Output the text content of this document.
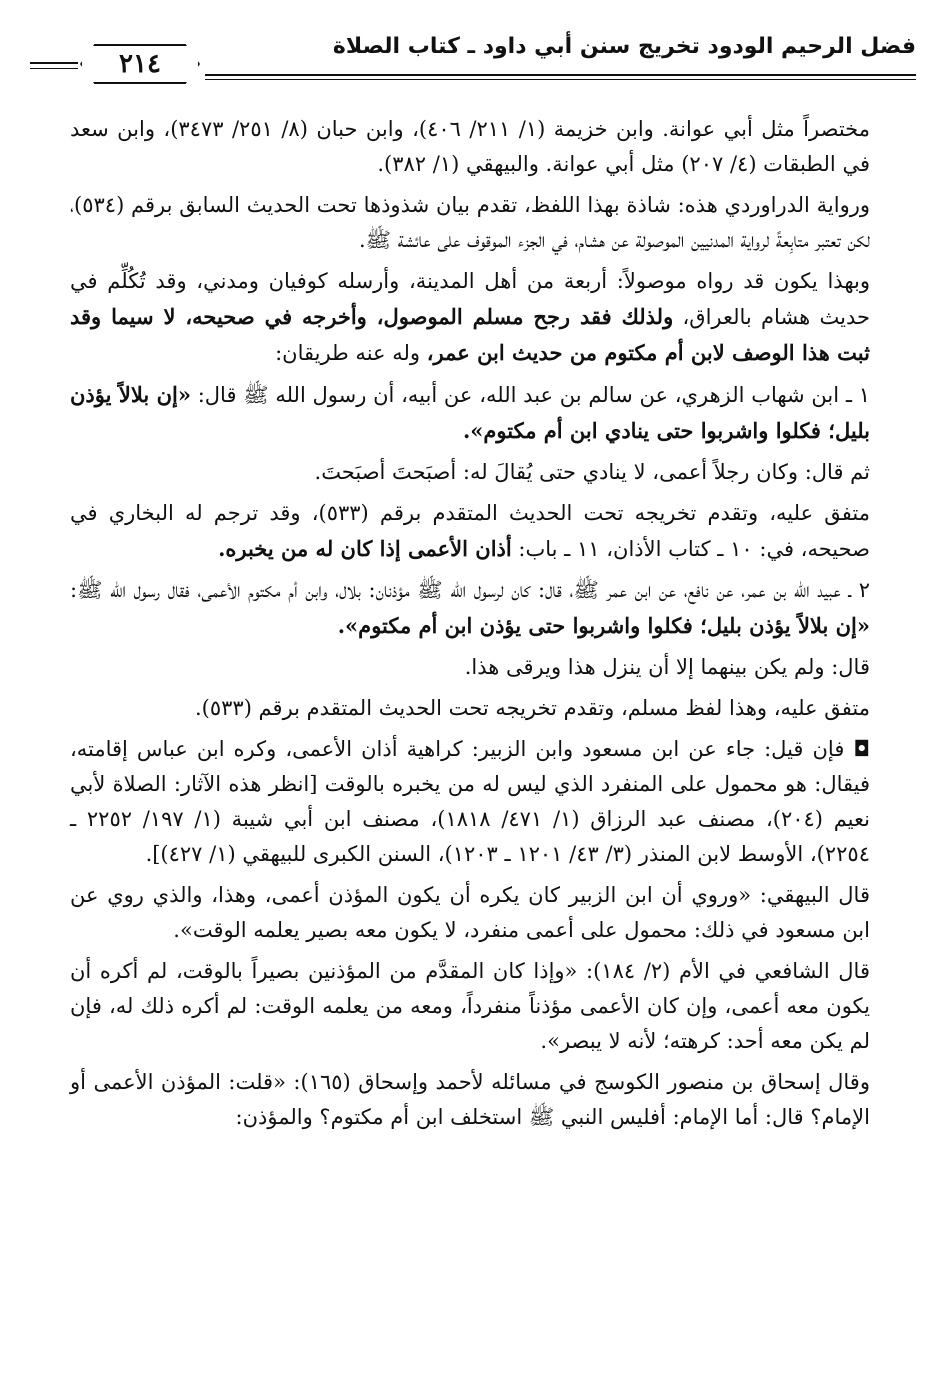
فضل الرحيم الودود تخريج سنن أبي داود ـ كتاب الصلاة
٢١٤

مختصراً مثل أبي عوانة. وابن خزيمة (١/ ٢١١/ ٤٠٦)، وابن حبان (٨/ ٢٥١/ ٣٤٧٣)، وابن سعد في الطبقات (٤/ ٢٠٧) مثل أبي عوانة. والبيهقي (١/ ٣٨٢).

ورواية الدراوردي هذه: شاذة بهذا اللفظ، تقدم بيان شذوذها تحت الحديث السابق برقم (٥٣٤)، لكن تعتبر متابِعةً لرواية المدنيين الموصولة عن هشام، في الجزء الموقوف على عائشة ﷺ.

وبهذا يكون قد رواه موصولاً: أربعة من أهل المدينة، وأرسله كوفيان ومدني، وقد تُكُلِّم في حديث هشام بالعراق، ولذلك فقد رجح مسلم الموصول، وأخرجه في صحيحه، لا سيما وقد ثبت هذا الوصف لابن أم مكتوم من حديث ابن عمر، وله عنه طريقان:

١ ـ ابن شهاب الزهري، عن سالم بن عبد الله، عن أبيه، أن رسول الله ﷺ قال: «إن بلالاً يؤذن بليل؛ فكلوا واشربوا حتى ينادي ابن أم مكتوم».

ثم قال: وكان رجلاً أعمى، لا ينادي حتى يُقالَ له: أصبَحتَ أصبَحتَ.

متفق عليه، وتقدم تخريجه تحت الحديث المتقدم برقم (٥٣٣)، وقد ترجم له البخاري في صحيحه، في: ١٠ ـ كتاب الأذان، ١١ ـ باب: أذان الأعمى إذا كان له من يخبره.

٢ ـ عبيد الله بن عمر، عن نافع، عن ابن عمر ﷺ، قال: كان لرسول الله ﷺ مؤذنان: بلال، وابن أم مكتوم الأعمى، فقال رسول الله ﷺ: «إن بلالاً يؤذن بليل؛ فكلوا واشربوا حتى يؤذن ابن أم مكتوم».

قال: ولم يكن بينهما إلا أن ينزل هذا ويرقى هذا.

متفق عليه، وهذا لفظ مسلم، وتقدم تخريجه تحت الحديث المتقدم برقم (٥٣٣).

◘ فإن قيل: جاء عن ابن مسعود وابن الزبير: كراهية أذان الأعمى، وكره ابن عباس إقامته، فيقال: هو محمول على المنفرد الذي ليس له من يخبره بالوقت [انظر هذه الآثار: الصلاة لأبي نعيم (٢٠٤)، مصنف عبد الرزاق (١/ ٤٧١/ ١٨١٨)، مصنف ابن أبي شيبة (١/ ١٩٧/ ٢٢٥٢ ـ ٢٢٥٤)، الأوسط لابن المنذر (٣/ ٤٣/ ١٢٠١ ـ ١٢٠٣)، السنن الكبرى للبيهقي (١/ ٤٢٧)].

قال البيهقي: «وروي أن ابن الزبير كان يكره أن يكون المؤذن أعمى، وهذا، والذي روي عن ابن مسعود في ذلك: محمول على أعمى منفرد، لا يكون معه بصير يعلمه الوقت».

قال الشافعي في الأم (٢/ ١٨٤): «وإذا كان المقدَّم من المؤذنين بصيراً بالوقت، لم أكره أن يكون معه أعمى، وإن كان الأعمى مؤذناً منفرداً، ومعه من يعلمه الوقت: لم أكره ذلك له، فإن لم يكن معه أحد: كرهته؛ لأنه لا يبصر».

وقال إسحاق بن منصور الكوسج في مسائله لأحمد وإسحاق (١٦٥): «قلت: المؤذن الأعمى أو الإمام؟ قال: أما الإمام: أفليس النبي ﷺ استخلف ابن أم مكتوم؟ والمؤذن:
